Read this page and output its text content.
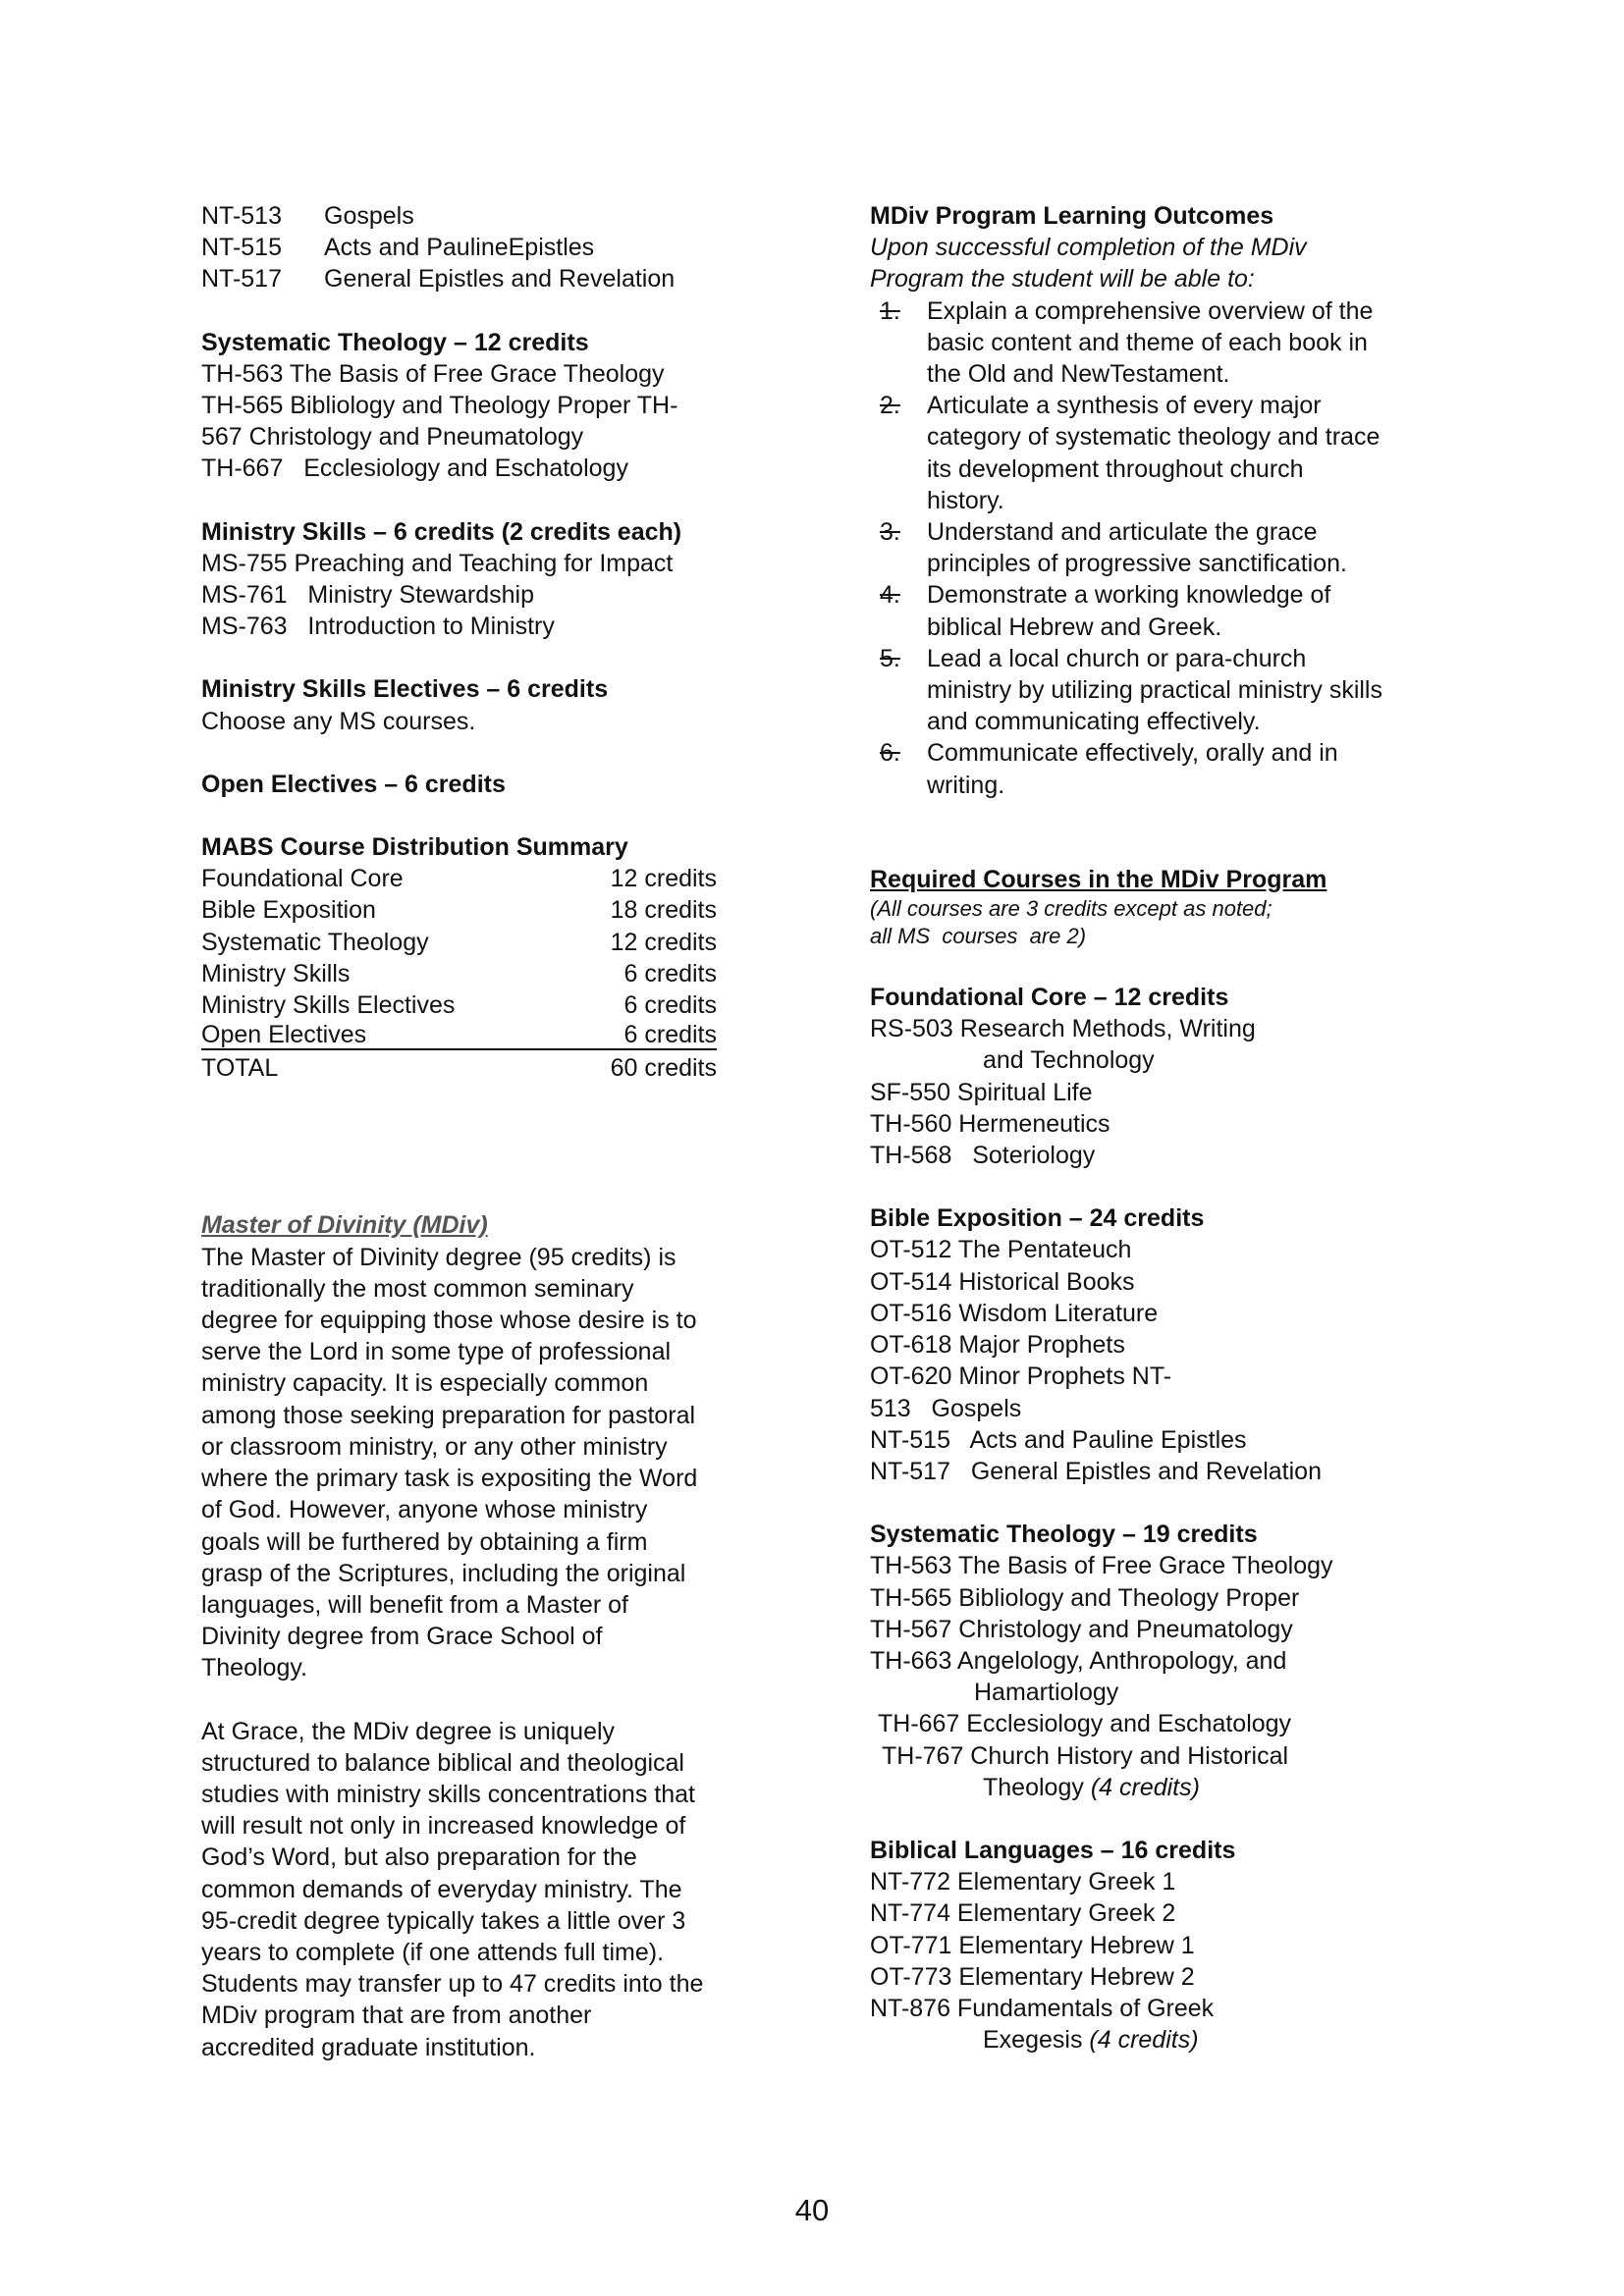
NT-513 Gospels
NT-515 Acts and PaulineEpistles
NT-517 General Epistles and Revelation
Systematic Theology – 12 credits
TH-563 The Basis of Free Grace Theology
TH-565 Bibliology and Theology Proper TH-
567 Christology and Pneumatology
TH-667   Ecclesiology and Eschatology
Ministry Skills – 6 credits (2 credits each)
MS-755 Preaching and Teaching for Impact
MS-761   Ministry Stewardship
MS-763   Introduction to Ministry
Ministry Skills Electives – 6 credits
Choose any MS courses.
Open Electives – 6 credits
MABS Course Distribution Summary
Foundational Core	12 credits
Bible Exposition	18 credits
Systematic Theology	12 credits
Ministry Skills	6 credits
Ministry Skills Electives	6 credits
Open Electives	6 credits
TOTAL	60 credits
Master of Divinity (MDiv)
The Master of Divinity degree (95 credits) is
traditionally the most common seminary
degree for equipping those whose desire is to
serve the Lord in some type of professional
ministry capacity. It is especially common
among those seeking preparation for pastoral
or classroom ministry, or any other ministry
where the primary task is expositing the Word
of God. However, anyone whose ministry
goals will be furthered by obtaining a firm
grasp of the Scriptures, including the original
languages, will benefit from a Master of
Divinity degree from Grace School of
Theology.
At Grace, the MDiv degree is uniquely
structured to balance biblical and theological
studies with ministry skills concentrations that
will result not only in increased knowledge of
God’s Word, but also preparation for the
common demands of everyday ministry. The
95-credit degree typically takes a little over 3
years to complete (if one attends full time).
Students may transfer up to 47 credits into the
MDiv program that are from another
accredited graduate institution.
MDiv Program Learning Outcomes
Upon successful completion of the MDiv
Program the student will be able to:
1.	Explain a comprehensive overview of the
basic content and theme of each book in
the Old and NewTestament.
2.	Articulate a synthesis of every major
category of systematic theology and trace
its development throughout church
history.
3.	Understand and articulate the grace
principles of progressive sanctification.
4.	Demonstrate a working knowledge of
biblical Hebrew and Greek.
5.	Lead a local church or para-church
ministry by utilizing practical ministry skills
and communicating effectively.
6.	Communicate effectively, orally and in
writing.
Required Courses in the MDiv Program
(All courses are 3 credits except as noted;
all MS  courses  are 2)
Foundational Core – 12 credits
RS-503 Research Methods, Writing
and Technology
SF-550 Spiritual Life
TH-560 Hermeneutics
TH-568   Soteriology
Bible Exposition – 24 credits
OT-512 The Pentateuch
OT-514 Historical Books
OT-516 Wisdom Literature
OT-618 Major Prophets
OT-620 Minor Prophets NT-
513   Gospels
NT-515   Acts and Pauline Epistles
NT-517   General Epistles and Revelation
Systematic Theology – 19 credits
TH-563 The Basis of Free Grace Theology
TH-565 Bibliology and Theology Proper
TH-567 Christology and Pneumatology
TH-663 Angelology, Anthropology, and
Hamartiology
TH-667 Ecclesiology and Eschatology
TH-767 Church History and Historical
Theology (4 credits)
Biblical Languages – 16 credits
NT-772 Elementary Greek 1
NT-774 Elementary Greek 2
OT-771 Elementary Hebrew 1
OT-773 Elementary Hebrew 2
NT-876 Fundamentals of Greek
Exegesis (4 credits)
40
